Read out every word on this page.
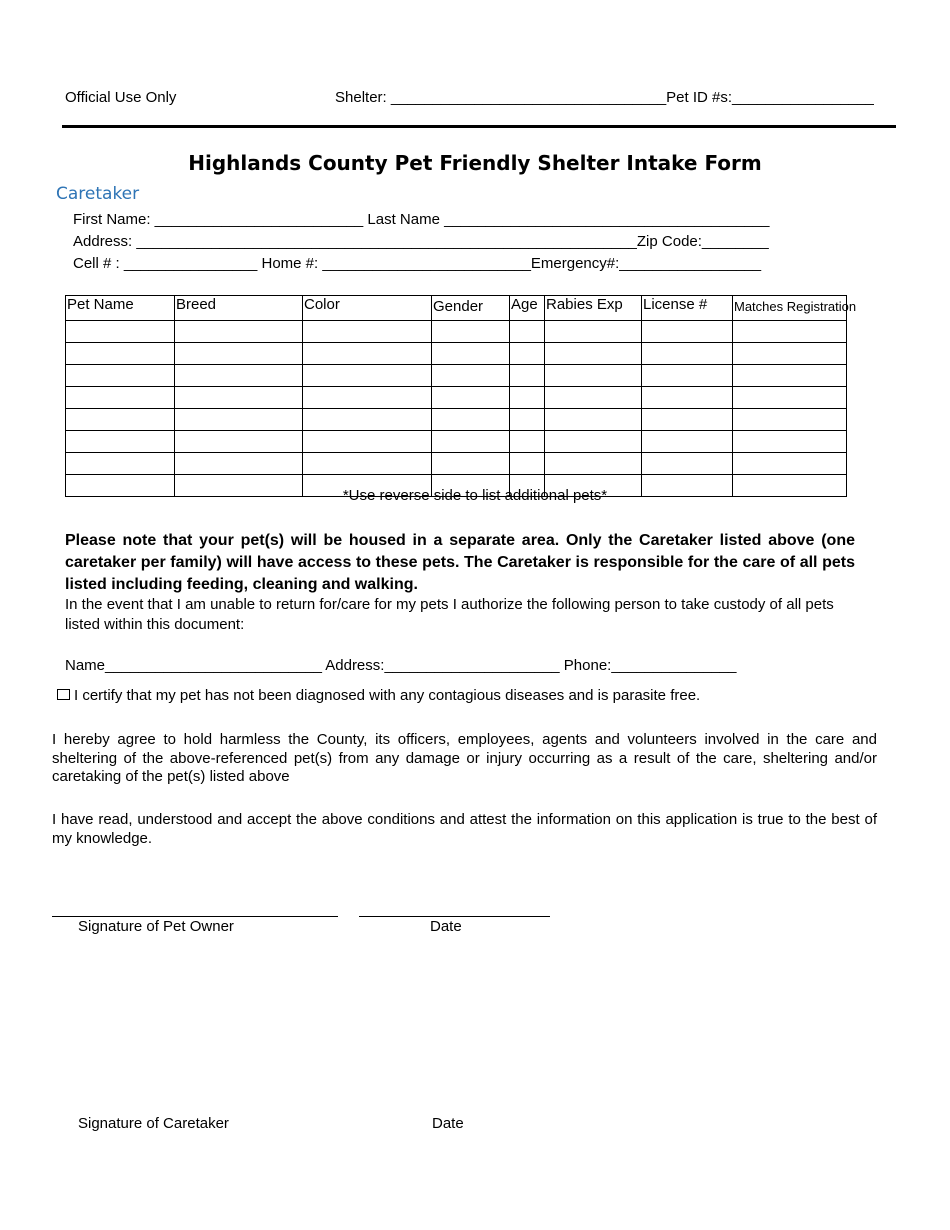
Official Use Only	Shelter: _________________________________Pet ID #s:_________________
Highlands County Pet Friendly Shelter Intake Form
Caretaker
First Name: _________________________ Last Name _______________________________________
Address: ____________________________________________________________Zip Code:________
Cell # : ________________ Home #: _________________________Emergency#:_________________
Pet Name	Breed	Color	Gender	Age	Rabies Exp	License #	Matches Registration

*Use reverse side to list additional pets*
Please note that your pet(s) will be housed in a separate area. Only the Caretaker listed above (one caretaker per family) will have access to these pets. The Caretaker is responsible for the care of all pets listed including feeding, cleaning and walking.
In the event that I am unable to return for/care for my pets I authorize the following person to take custody of all pets listed within this document:
Name__________________________ Address:_____________________ Phone:_______________
I certify that my pet has not been diagnosed with any contagious diseases and is parasite free.
I hereby agree to hold harmless the County, its officers, employees, agents and volunteers involved in the care and sheltering of the above-referenced pet(s) from any damage or injury occurring as a result of the care, sheltering and/or caretaking of the pet(s) listed above
I have read, understood and accept the above conditions and attest the information on this application is true to the best of my knowledge.
Signature of Pet Owner	Date
Signature of Caretaker	Date
